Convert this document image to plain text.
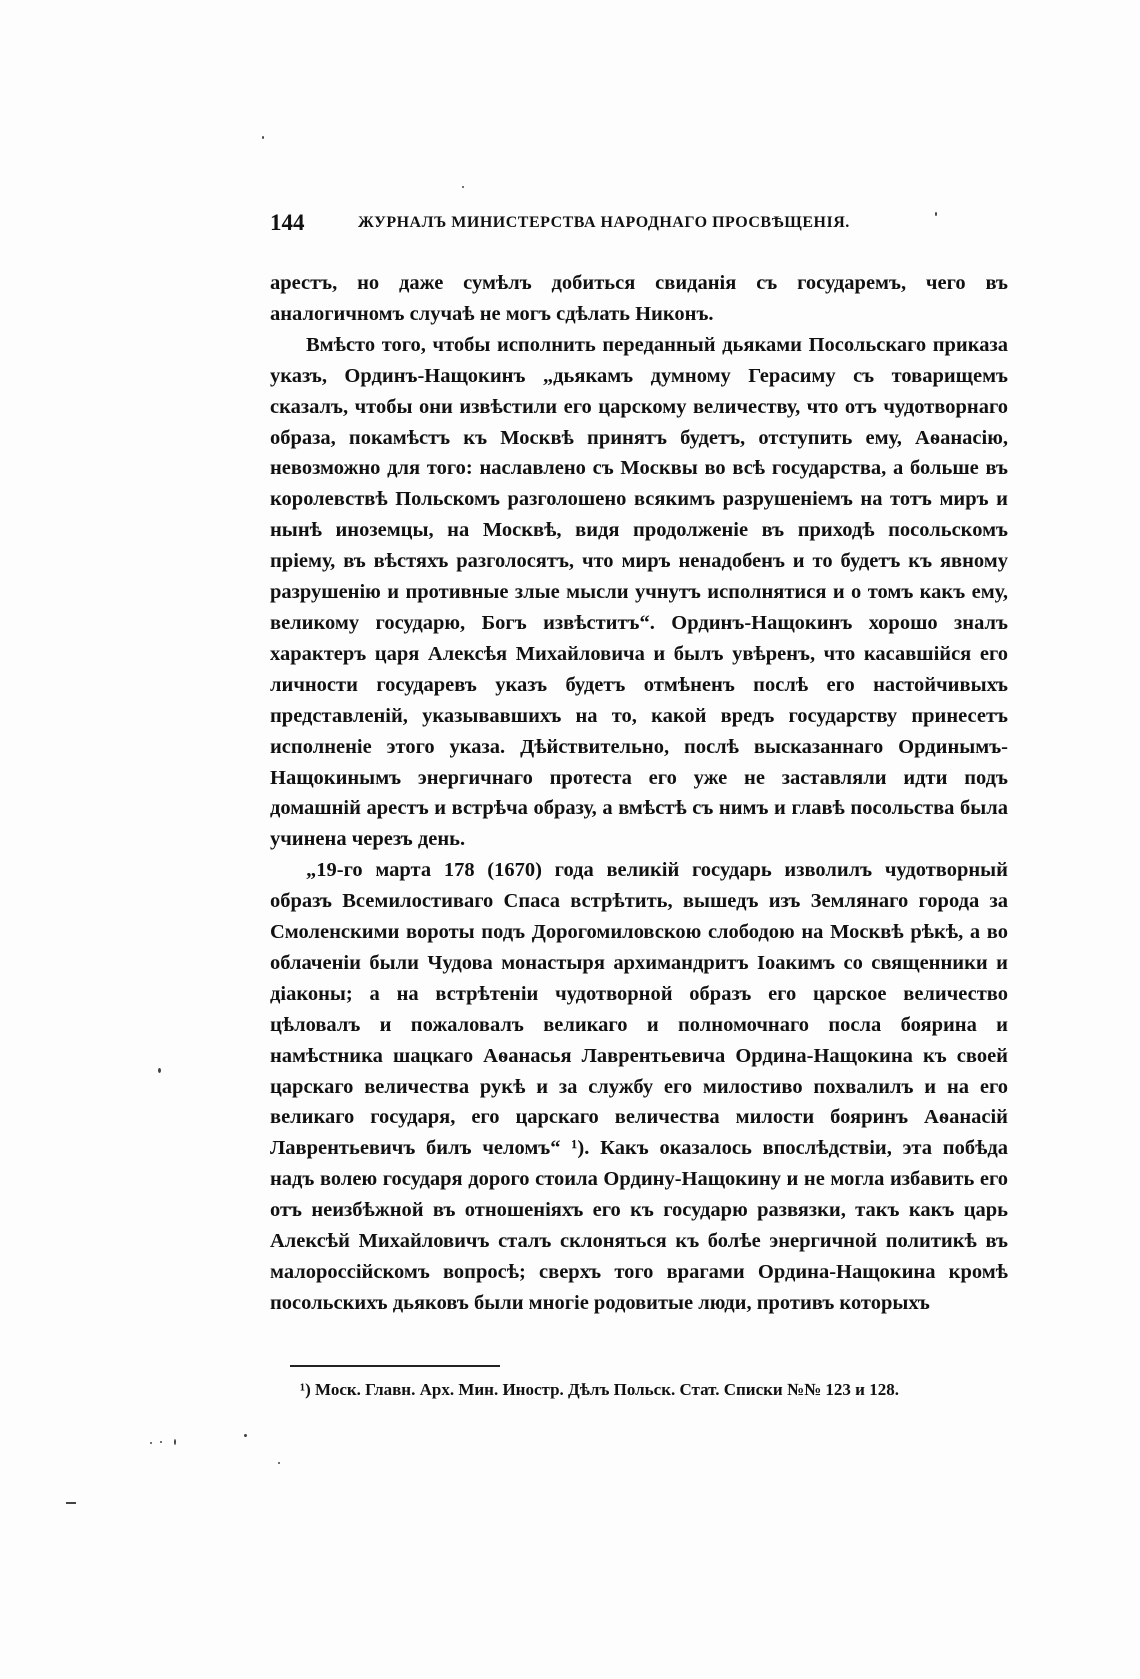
144	ЖУРНАЛЪ МИНИСТЕРСТВА НАРОДНАГО ПРОСВѢЩЕНІЯ.

арестъ, но даже сумѣлъ добиться свиданія съ государемъ, чего въ аналогичномъ случаѣ не могъ сдѣлать Никонъ.

Вмѣсто того, чтобы исполнить переданный дьяками Посольскаго приказа указъ, Ординъ-Нащокинъ „дьякамъ думному Герасиму съ товарищемъ сказалъ, чтобы они извѣстили его царскому величеству, что отъ чудотворнаго образа, покамѣстъ къ Москвѣ принятъ будетъ, отступить ему, Аѳанасію, невозможно для того: наславлено съ Москвы во всѣ государства, а больше въ королевствѣ Польскомъ разголошено всякимъ разрушеніемъ на тотъ миръ и нынѣ иноземцы, на Москвѣ, видя продолженіе въ приходѣ посольскомъ пріему, въ вѣстяхъ разголосятъ, что миръ ненадобенъ и то будетъ къ явному разрушенію и противные злые мысли учнутъ исполнятися и о томъ какъ ему, великому государю, Богъ извѣститъ“. Ординъ-Нащокинъ хорошо зналъ характеръ царя Алексѣя Михайловича и былъ увѣренъ, что касавшійся его личности государевъ указъ будетъ отмѣненъ послѣ его настойчивыхъ представленій, указывавшихъ на то, какой вредъ государству принесетъ исполненіе этого указа. Дѣйствительно, послѣ высказаннаго Ординымъ-Нащокинымъ энергичнаго протеста его уже не заставляли идти подъ домашній арестъ и встрѣча образу, а вмѣстѣ съ нимъ и главѣ посольства была учинена черезъ день.

„19-го марта 178 (1670) года великій государь изволилъ чудотворный образъ Всемилостиваго Спаса встрѣтить, вышедъ изъ Землянаго города за Смоленскими вороты подъ Дорогомиловскою слободою на Москвѣ рѣкѣ, а во облаченіи были Чудова монастыря архимандритъ Іоакимъ со священники и діаконы; а на встрѣтеніи чудотворной образъ его царское величество цѣловалъ и пожаловалъ великаго и полномочнаго посла боярина и намѣстника шацкаго Аѳанасья Лаврентьевича Ордина-Нащокина къ своей царскаго величества рукѣ и за службу его милостиво похвалилъ и на его великаго государя, его царскаго величества милости бояринъ Аѳанасій Лаврентьевичъ билъ челомъ“ ¹). Какъ оказалось впослѣдствіи, эта побѣда надъ волею государя дорого стоила Ордину-Нащокину и не могла избавить его отъ неизбѣжной въ отношеніяхъ его къ государю развязки, такъ какъ царь Алексѣй Михайловичъ сталъ склоняться къ болѣе энергичной политикѣ въ малороссійскомъ вопросѣ; сверхъ того врагами Ордина-Нащокина кромѣ посольскихъ дьяковъ были многіе родовитые люди, противъ которыхъ

¹) Моск. Главн. Арх. Мин. Иностр. Дѣлъ Польск. Стат. Списки №№ 123 и 128.
